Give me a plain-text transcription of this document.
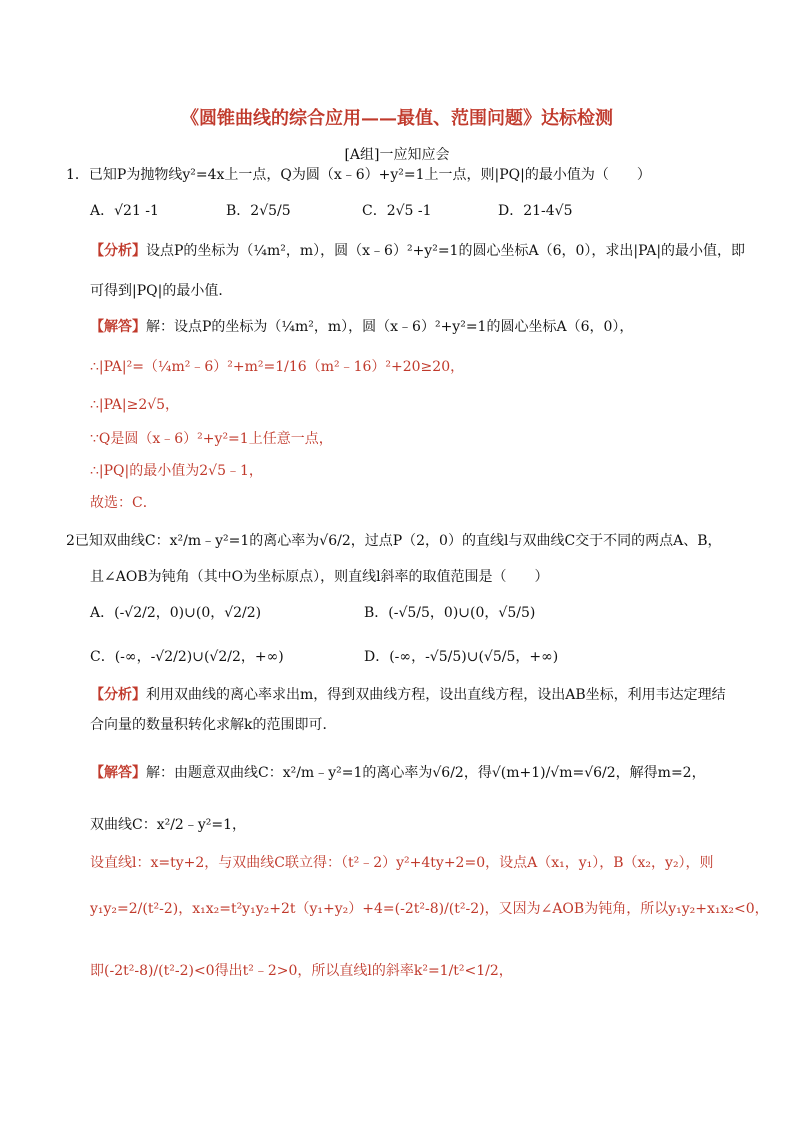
《圆锥曲线的综合应用——最值、范围问题》达标检测
[A组]一应知应会
1．已知P为抛物线y²=4x上一点，Q为圆（x﹣6）+y²=1上一点，则|PQ|的最小值为（　　）
A．√21 -1	B．2√5/5	C．2√5 -1	D．21-4√5
【分析】设点P的坐标为（¼m²，m），圆（x﹣6）²+y²=1的圆心坐标A（6，0），求出|PA|的最小值，即
可得到|PQ|的最小值．
【解答】解：设点P的坐标为（¼m²，m），圆（x﹣6）²+y²=1的圆心坐标A（6，0），
∴|PA|²=（¼m²﹣6）²+m²=1/16（m²﹣16）²+20≥20，
∴|PA|≥2√5，
∵Q是圆（x﹣6）²+y²=1上任意一点，
∴|PQ|的最小值为2√5﹣1，
故选：C．
2已知双曲线C：x²/m﹣y²=1的离心率为√6/2，过点P（2，0）的直线l与双曲线C交于不同的两点A、B，
且∠AOB为钝角（其中O为坐标原点），则直线l斜率的取值范围是（　　）
A．(-√2/2，0)∪(0，√2/2)	B．(-√5/5，0)∪(0，√5/5)
C．(-∞，-√2/2)∪(√2/2，+∞)	D．(-∞，-√5/5)∪(√5/5，+∞)
【分析】利用双曲线的离心率求出m，得到双曲线方程，设出直线方程，设出AB坐标，利用韦达定理结
合向量的数量积转化求解k的范围即可．
【解答】解：由题意双曲线C：x²/m﹣y²=1的离心率为√6/2，得√(m+1)/√m=√6/2，解得m=2，
双曲线C：x²/2﹣y²=1，
设直线l：x=ty+2，与双曲线C联立得：（t²﹣2）y²+4ty+2=0，设点A（x₁，y₁），B（x₂，y₂），则
y₁y₂=2/(t²-2)，x₁x₂=t²y₁y₂+2t（y₁+y₂）+4=(-2t²-8)/(t²-2)，又因为∠AOB为钝角，所以y₁y₂+x₁x₂<0，
即(-2t²-8)/(t²-2)<0得出t²﹣2>0，所以直线l的斜率k²=1/t²<1/2，
